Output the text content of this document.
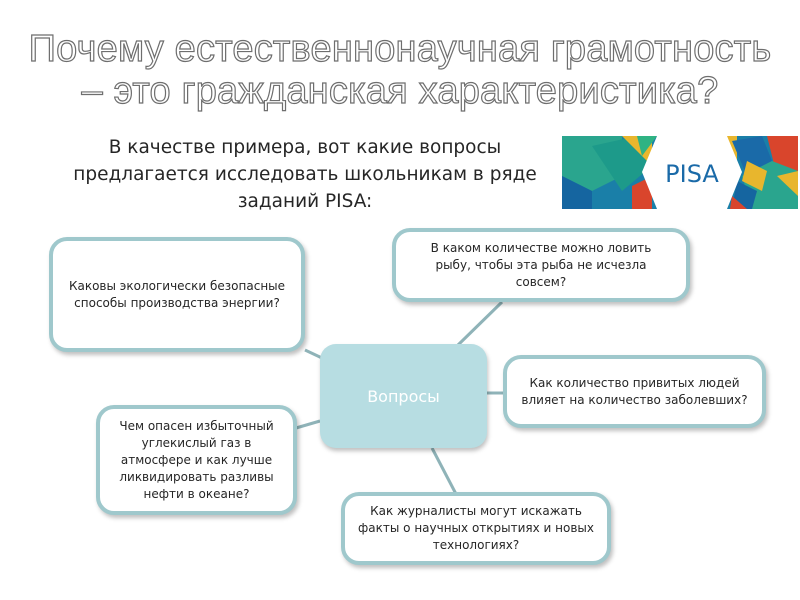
Почему естественнонаучная грамотность
– это гражданская характеристика?
В качестве примера, вот какие вопросы
предлагается исследовать школьникам в ряде
заданий PISA:
PISA
Каковы экологически безопасные способы производства энергии?
В каком количестве можно ловить рыбу, чтобы эта рыба не исчезла совсем?
Как количество привитых людей влияет на количество заболевших?
Чем опасен избыточный углекислый газ в атмосфере и как лучше ликвидировать разливы нефти в океане?
Как журналисты могут искажать факты о научных открытиях и новых технологиях?
Вопросы
